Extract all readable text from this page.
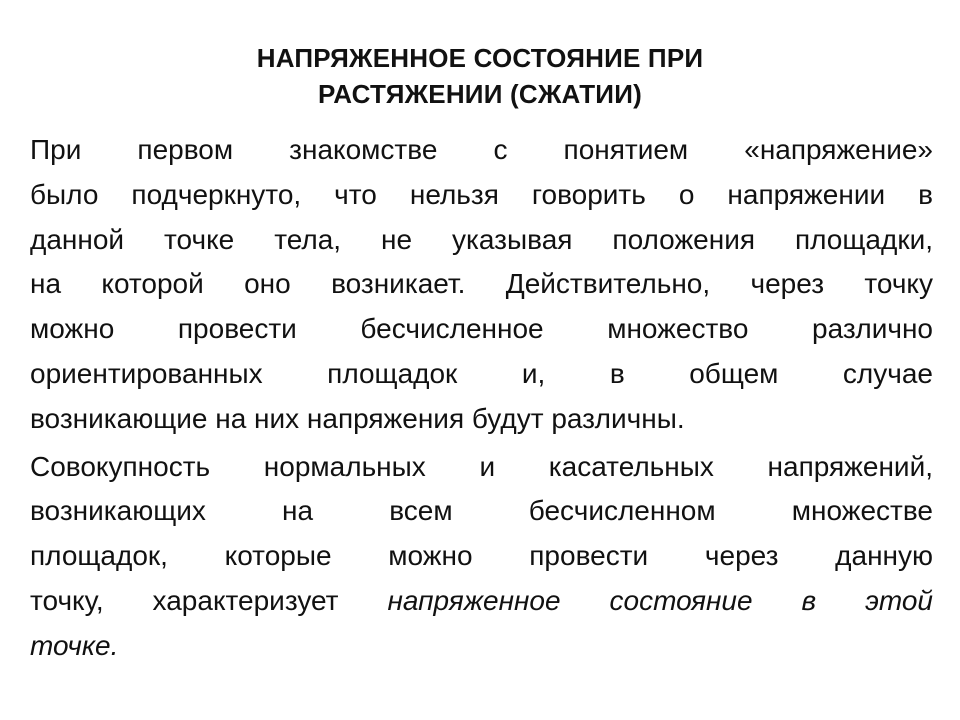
НАПРЯЖЕННОЕ СОСТОЯНИЕ ПРИ
РАСТЯЖЕНИИ (СЖАТИИ)

При первом знакомстве с понятием «напряжение»
было подчеркнуто, что нельзя говорить о напряжении в
данной точке тела, не указывая положения площадки,
на которой оно возникает. Действительно, через точку
можно провести бесчисленное множество различно
ориентированных площадок и, в общем случае
возникающие на них напряжения будут различны.

Совокупность нормальных и касательных напряжений,
возникающих на всем бесчисленном множестве
площадок, которые можно провести через данную
точку, характеризует напряженное состояние в этой
точке.
